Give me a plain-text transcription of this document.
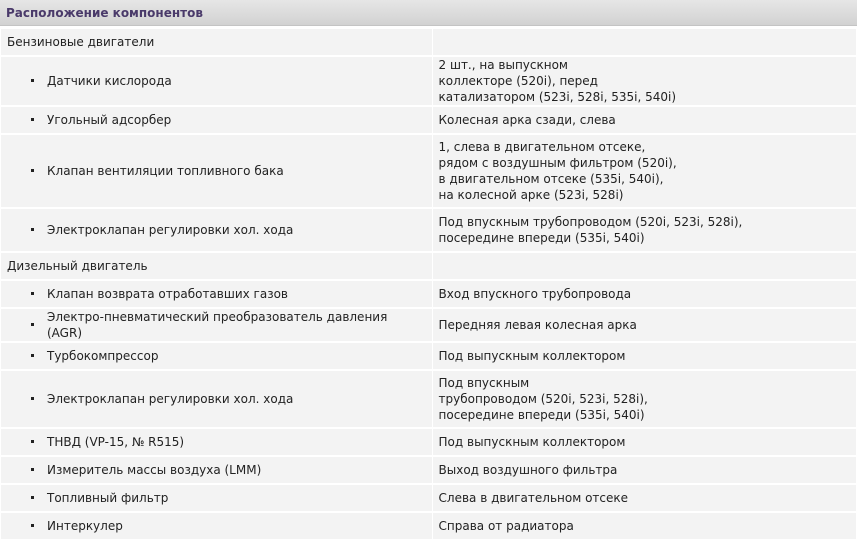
Расположение компонентов
Бензиновые двигатели	

Датчики кислорода	2 шт., на выпускном
коллекторе (520i), перед
катализатором (523i, 528i, 535i, 540i)

Угольный адсорбер	Колесная арка сзади, слева

Клапан вентиляции топливного бака	1, слева в двигательном отсеке,
рядом с воздушным фильтром (520i),
в двигательном отсеке (535i, 540i),
на колесной арке (523i, 528i)

Электроклапан регулировки хол. хода	Под впускным трубопроводом (520i, 523i, 528i),
посередине впереди (535i, 540i)
Дизельный двигатель	

Клапан возврата отработавших газов	Вход впускного трубопровода

Электро-пневматический преобразователь давления (AGR)	Передняя левая колесная арка

Турбокомпрессор	Под выпускным коллектором

Электроклапан регулировки хол. хода	Под впускным
трубопроводом (520i, 523i, 528i),
посередине впереди (535i, 540i)

ТНВД (VP-15, № R515)	Под выпускным коллектором

Измеритель массы воздуха (LMM)	Выход воздушного фильтра

Топливный фильтр	Слева в двигательном отсеке

Интеркулер	Справа от радиатора
